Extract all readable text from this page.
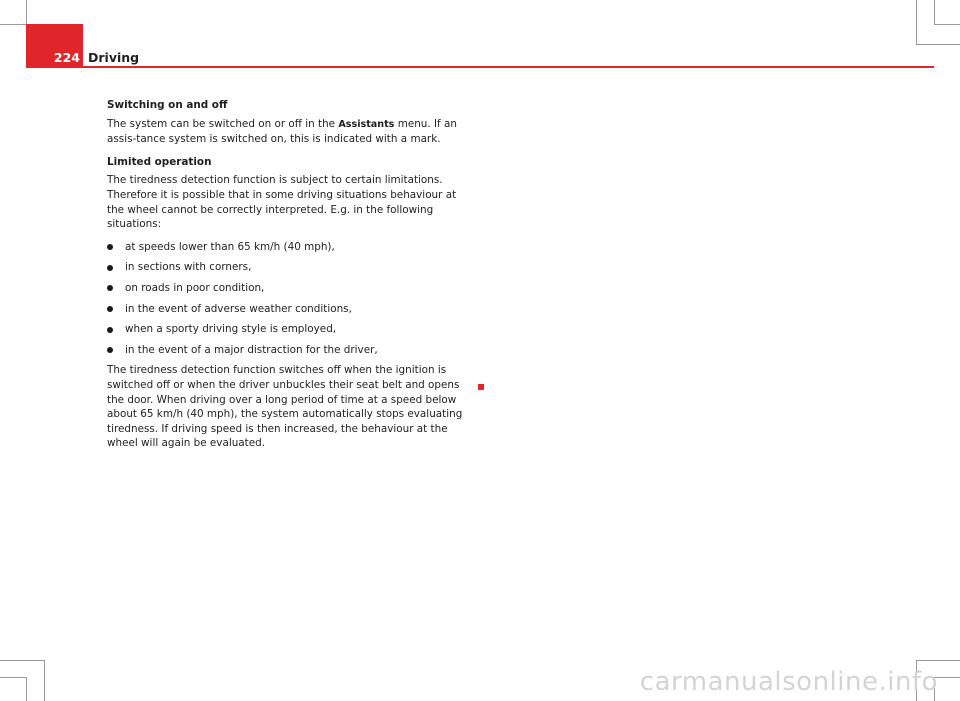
224 Driving
Switching on and off

The system can be switched on or off in the Assistants menu. If an assis-tance system is switched on, this is indicated with a mark.

Limited operation

The tiredness detection function is subject to certain limitations. Therefore it is possible that in some driving situations behaviour at the wheel cannot be correctly interpreted. E.g. in the following situations:

at speeds lower than 65 km/h (40 mph),
in sections with corners,
on roads in poor condition,
in the event of adverse weather conditions,
when a sporty driving style is employed,
in the event of a major distraction for the driver,

The tiredness detection function switches off when the ignition is switched off or when the driver unbuckles their seat belt and opens the door. When driving over a long period of time at a speed below about 65 km/h (40 mph), the system automatically stops evaluating tiredness. If driving speed is then increased, the behaviour at the wheel will again be evaluated.

carmanualsonline.info
